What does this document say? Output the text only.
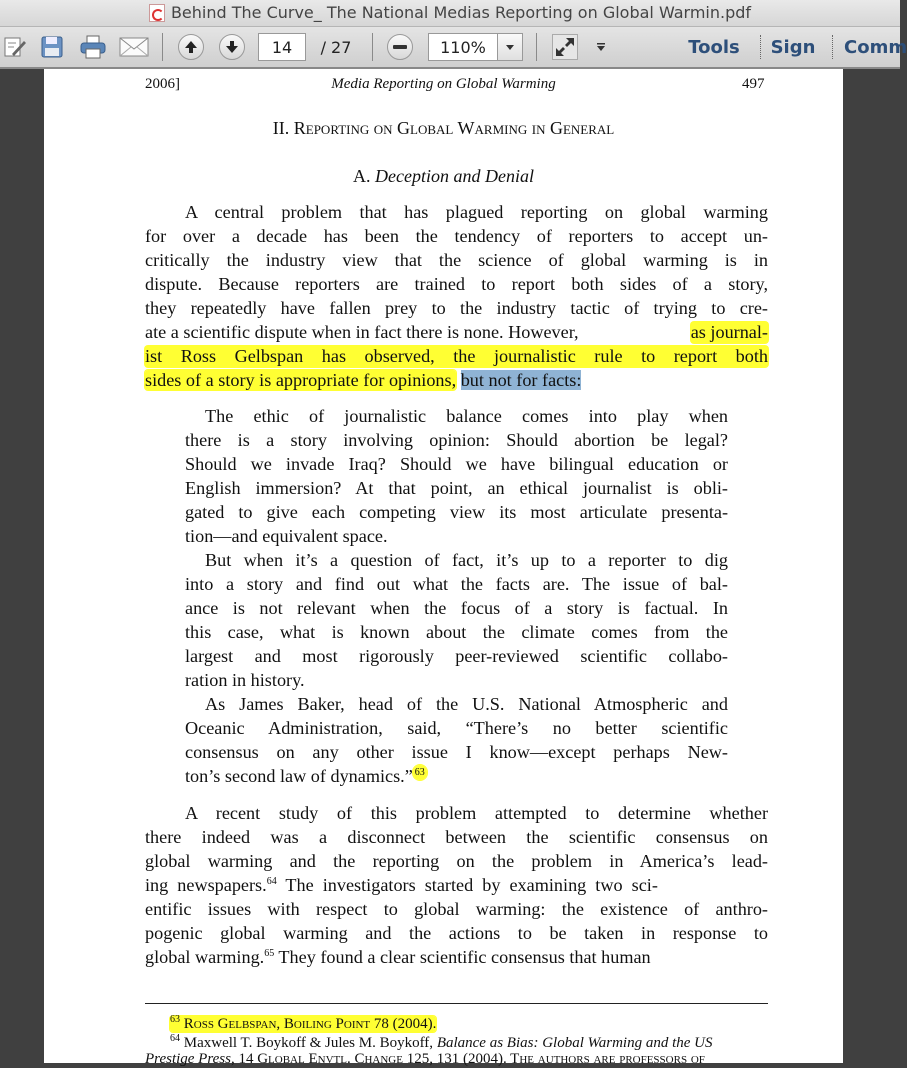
Behind The Curve_ The National Medias Reporting on Global Warmin.pdf
14	/ 27	110%	Tools Sign Comm
2006]	Media Reporting on Global Warming	497
II. Reporting on Global Warming in General
A. Deception and Denial
A central problem that has plagued reporting on global warming
for over a decade has been the tendency of reporters to accept un-
critically the industry view that the science of global warming is in
dispute. Because reporters are trained to report both sides of a story,
they repeatedly have fallen prey to the industry tactic of trying to cre-
ate a scientific dispute when in fact there is none. However,	as journal-
ist Ross Gelbspan has observed, the journalistic rule to report both
sides of a story is appropriate for opinions, but not for facts:
The ethic of journalistic balance comes into play when
there is a story involving opinion: Should abortion be legal?
Should we invade Iraq? Should we have bilingual education or
English immersion? At that point, an ethical journalist is obli-
gated to give each competing view its most articulate presenta-
tion—and equivalent space.
But when it’s a question of fact, it’s up to a reporter to dig
into a story and find out what the facts are. The issue of bal-
ance is not relevant when the focus of a story is factual. In
this case, what is known about the climate comes from the
largest and most rigorously peer-reviewed scientific collabo-
ration in history.
As James Baker, head of the U.S. National Atmospheric and
Oceanic Administration, said, “There’s no better scientific
consensus on any other issue I know—except perhaps New-
ton’s second law of dynamics.” $^{63}$
A recent study of this problem attempted to determine whether
there indeed was a disconnect between the scientific consensus on
global warming and the reporting on the problem in America’s lead-
ing newspapers.$^{64}$ The investigators started by examining two sci-
entific issues with respect to global warming: the existence of anthro-
pogenic global warming and the actions to be taken in response to
global warming.$^{65}$ They found a clear scientific consensus that human
$^{63}$ Ross Gelbspan, Boiling Point 78 (2004).
$^{64}$ Maxwell T. Boykoff & Jules M. Boykoff, Balance as Bias: Global Warming and the US
Prestige Press, 14 Global Envtl. Change 125, 131 (2004). The authors are professors of
